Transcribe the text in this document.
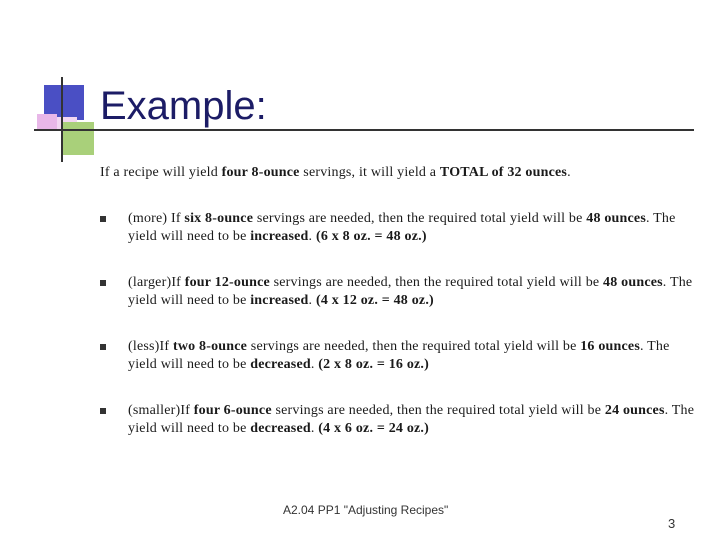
Example:
If a recipe will yield four 8-ounce servings, it will yield a TOTAL of 32 ounces.
(more) If six 8-ounce servings are needed, then the required total yield will be 48 ounces. The yield will need to be increased. (6 x 8 oz. = 48 oz.)
(larger)If four 12-ounce servings are needed, then the required total yield will be 48 ounces. The yield will need to be increased. (4 x 12 oz. = 48 oz.)
(less)If two 8-ounce servings are needed, then the required total yield will be 16 ounces. The yield will need to be decreased. (2 x 8 oz. = 16 oz.)
(smaller)If four 6-ounce servings are needed, then the required total yield will be 24 ounces. The yield will need to be decreased. (4 x 6 oz. = 24 oz.)
A2.04 PP1 "Adjusting Recipes"
3
